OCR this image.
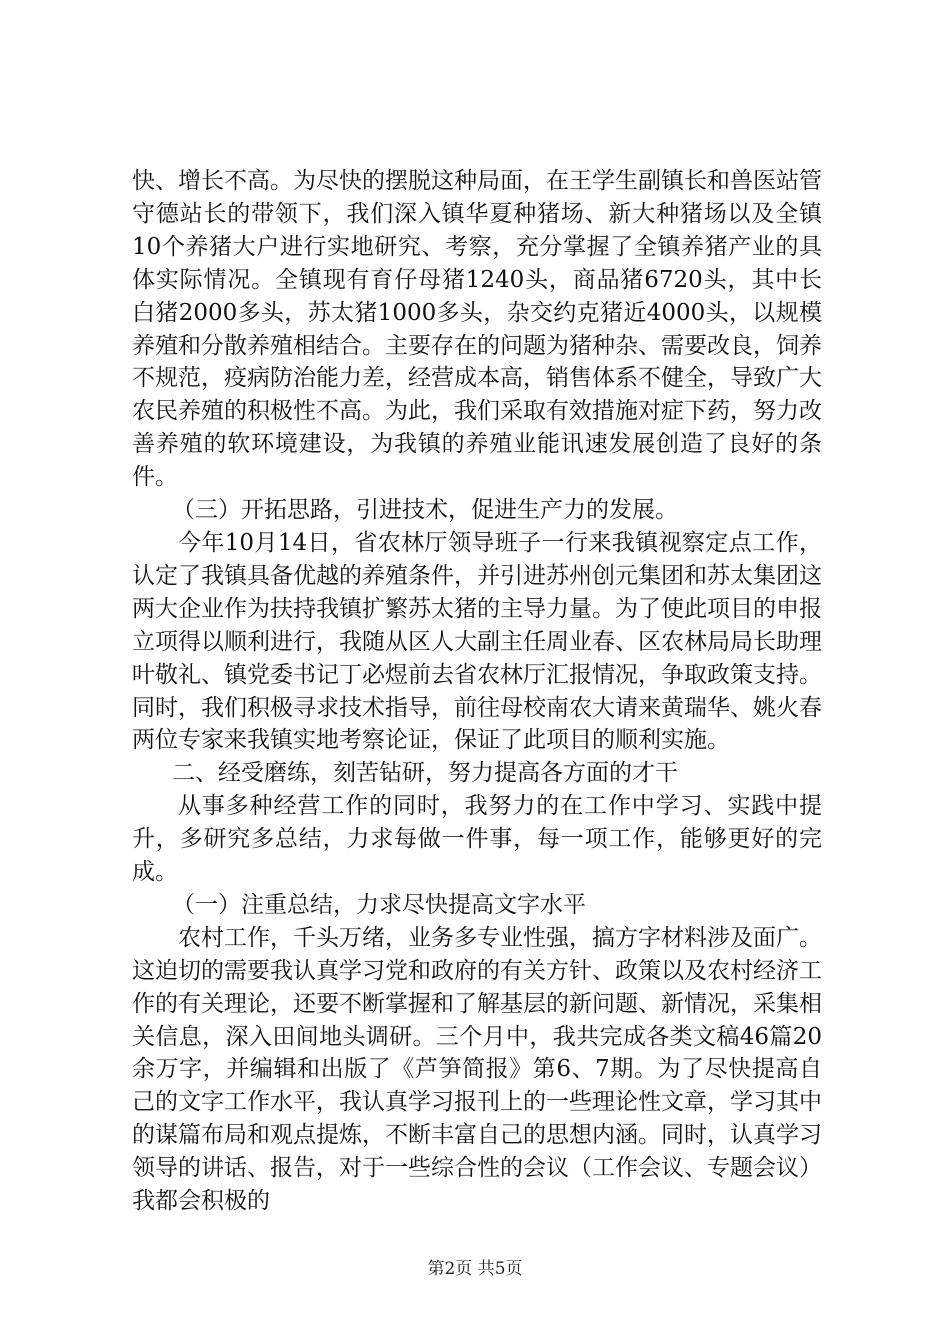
快、增长不高。为尽快的摆脱这种局面，在王学生副镇长和兽医站管守德站长的带领下，我们深入镇华夏种猪场、新大种猪场以及全镇10个养猪大户进行实地研究、考察，充分掌握了全镇养猪产业的具体实际情况。全镇现有育仔母猪1240头，商品猪6720头，其中长白猪2000多头，苏太猪1000多头，杂交约克猪近4000头，以规模养殖和分散养殖相结合。主要存在的问题为猪种杂、需要改良，饲养不规范，疫病防治能力差，经营成本高，销售体系不健全，导致广大农民养殖的积极性不高。为此，我们采取有效措施对症下药，努力改善养殖的软环境建设，为我镇的养殖业能讯速发展创造了良好的条件。

（三）开拓思路，引进技术，促进生产力的发展。

今年10月14日，省农林厅领导班子一行来我镇视察定点工作，认定了我镇具备优越的养殖条件，并引进苏州创元集团和苏太集团这两大企业作为扶持我镇扩繁苏太猪的主导力量。为了使此项目的申报立项得以顺利进行，我随从区人大副主任周业春、区农林局局长助理叶敬礼、镇党委书记丁必煜前去省农林厅汇报情况，争取政策支持。同时，我们积极寻求技术指导，前往母校南农大请来黄瑞华、姚火春两位专家来我镇实地考察论证，保证了此项目的顺利实施。

二、经受磨练，刻苦钻研，努力提高各方面的才干

从事多种经营工作的同时，我努力的在工作中学习、实践中提升，多研究多总结，力求每做一件事，每一项工作，能够更好的完成。

（一）注重总结，力求尽快提高文字水平

农村工作，千头万绪，业务多专业性强，搞方字材料涉及面广。这迫切的需要我认真学习党和政府的有关方针、政策以及农村经济工作的有关理论，还要不断掌握和了解基层的新问题、新情况，采集相关信息，深入田间地头调研。三个月中，我共完成各类文稿46篇20余万字，并编辑和出版了《芦笋简报》第6、7期。为了尽快提高自己的文字工作水平，我认真学习报刊上的一些理论性文章，学习其中的谋篇布局和观点提炼，不断丰富自己的思想内涵。同时，认真学习领导的讲话、报告，对于一些综合性的会议（工作会议、专题会议）我都会积极的

第2页 共5页
